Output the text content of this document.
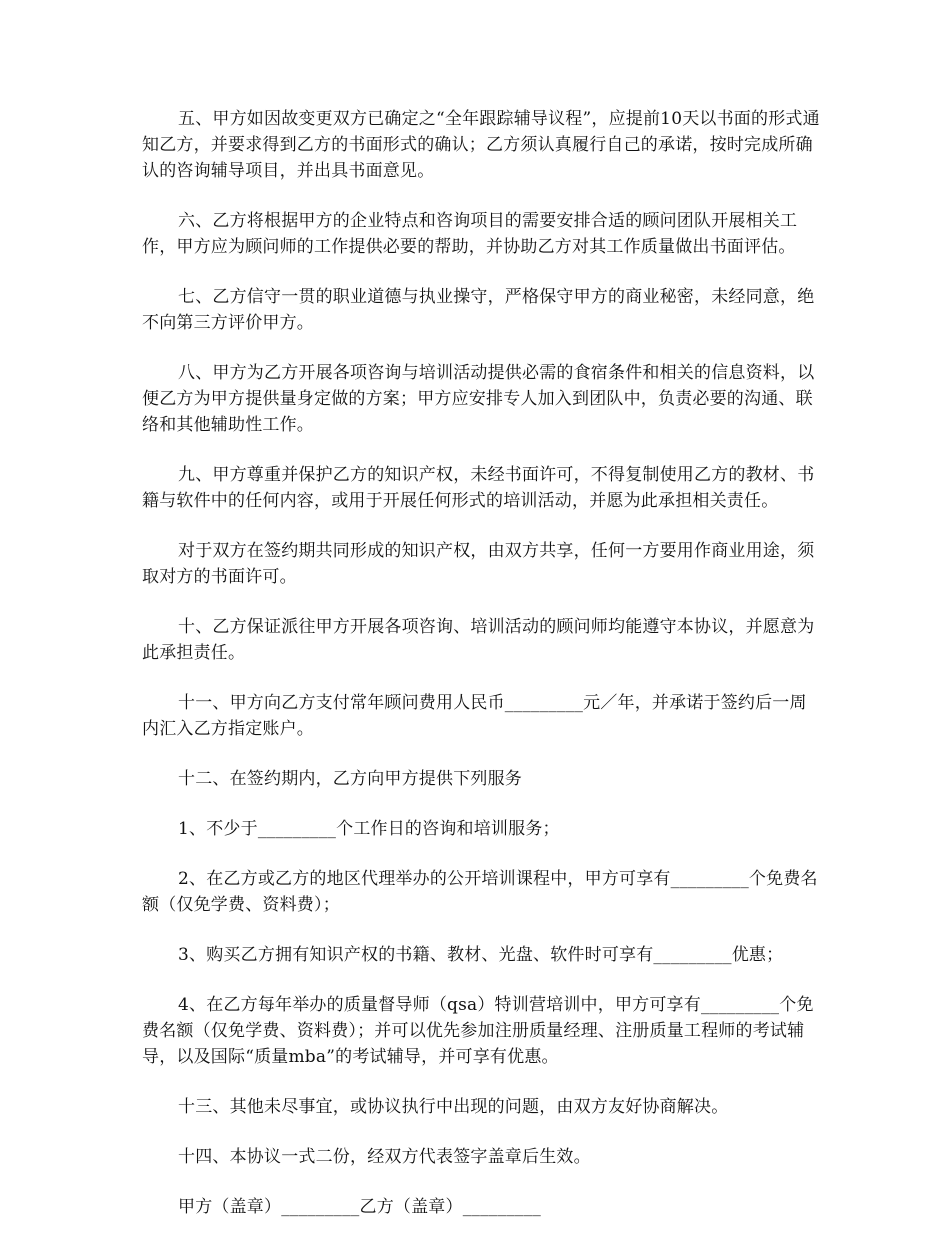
五、甲方如因故变更双方已确定之“全年跟踪辅导议程”，应提前10天以书面的形式通知乙方，并要求得到乙方的书面形式的确认；乙方须认真履行自己的承诺，按时完成所确认的咨询辅导项目，并出具书面意见。

六、乙方将根据甲方的企业特点和咨询项目的需要安排合适的顾问团队开展相关工作，甲方应为顾问师的工作提供必要的帮助，并协助乙方对其工作质量做出书面评估。

七、乙方信守一贯的职业道德与执业操守，严格保守甲方的商业秘密，未经同意，绝不向第三方评价甲方。

八、甲方为乙方开展各项咨询与培训活动提供必需的食宿条件和相关的信息资料，以便乙方为甲方提供量身定做的方案；甲方应安排专人加入到团队中，负责必要的沟通、联络和其他辅助性工作。

九、甲方尊重并保护乙方的知识产权，未经书面许可，不得复制使用乙方的教材、书籍与软件中的任何内容，或用于开展任何形式的培训活动，并愿为此承担相关责任。

对于双方在签约期共同形成的知识产权，由双方共享，任何一方要用作商业用途，须取对方的书面许可。

十、乙方保证派往甲方开展各项咨询、培训活动的顾问师均能遵守本协议，并愿意为此承担责任。

十一、甲方向乙方支付常年顾问费用人民币_________元／年，并承诺于签约后一周内汇入乙方指定账户。

十二、在签约期内，乙方向甲方提供下列服务

1、不少于_________个工作日的咨询和培训服务；

2、在乙方或乙方的地区代理举办的公开培训课程中，甲方可享有_________个免费名额（仅免学费、资料费）；

3、购买乙方拥有知识产权的书籍、教材、光盘、软件时可享有_________优惠；

4、在乙方每年举办的质量督导师（qsa）特训营培训中，甲方可享有_________个免费名额（仅免学费、资料费）；并可以优先参加注册质量经理、注册质量工程师的考试辅导，以及国际“质量mba”的考试辅导，并可享有优惠。

十三、其他未尽事宜，或协议执行中出现的问题，由双方友好协商解决。

十四、本协议一式二份，经双方代表签字盖章后生效。

甲方（盖章）_________乙方（盖章）_________
